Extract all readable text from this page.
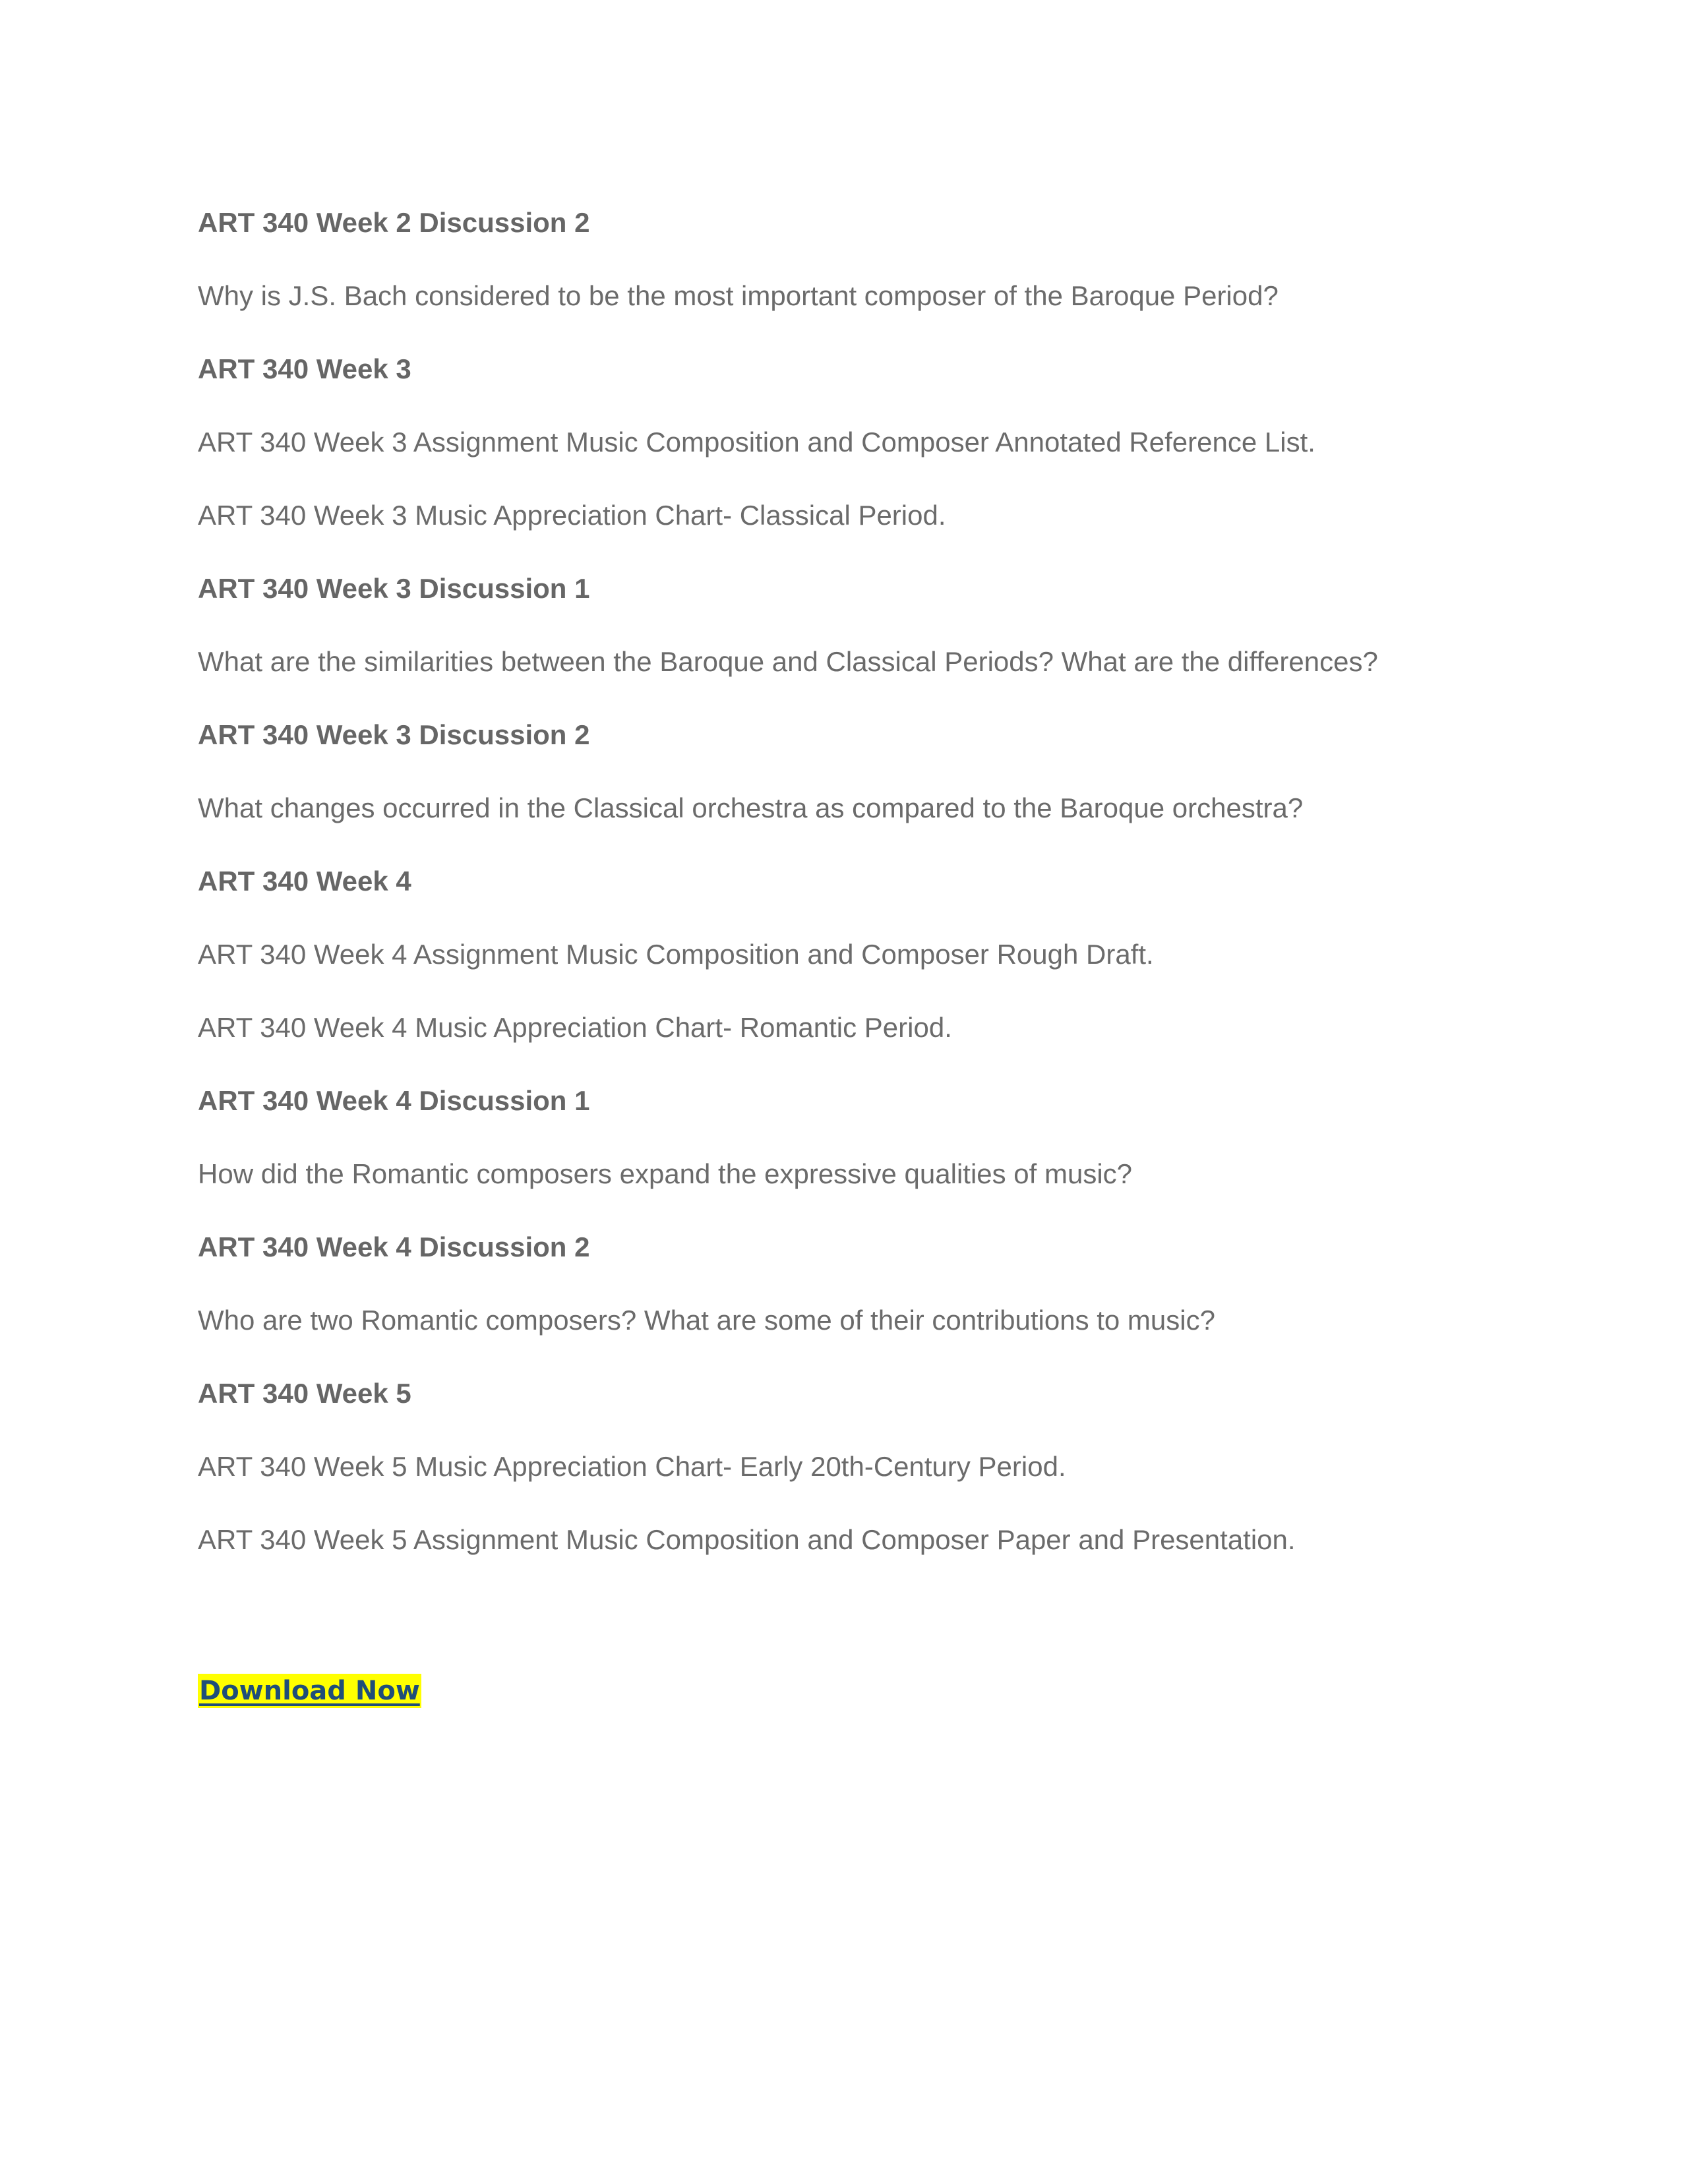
ART 340 Week 2 Discussion 2
Why is J.S. Bach considered to be the most important composer of the Baroque Period?
ART 340 Week 3
ART 340 Week 3 Assignment Music Composition and Composer Annotated Reference List.
ART 340 Week 3 Music Appreciation Chart- Classical Period.
ART 340 Week 3 Discussion 1
What are the similarities between the Baroque and Classical Periods? What are the differences?
ART 340 Week 3 Discussion 2
What changes occurred in the Classical orchestra as compared to the Baroque orchestra?
ART 340 Week 4
ART 340 Week 4 Assignment Music Composition and Composer Rough Draft.
ART 340 Week 4 Music Appreciation Chart- Romantic Period.
ART 340 Week 4 Discussion 1
How did the Romantic composers expand the expressive qualities of music?
ART 340 Week 4 Discussion 2
Who are two Romantic composers? What are some of their contributions to music?
ART 340 Week 5
ART 340 Week 5 Music Appreciation Chart- Early 20th-Century Period.
ART 340 Week 5 Assignment Music Composition and Composer Paper and Presentation.
Download Now
